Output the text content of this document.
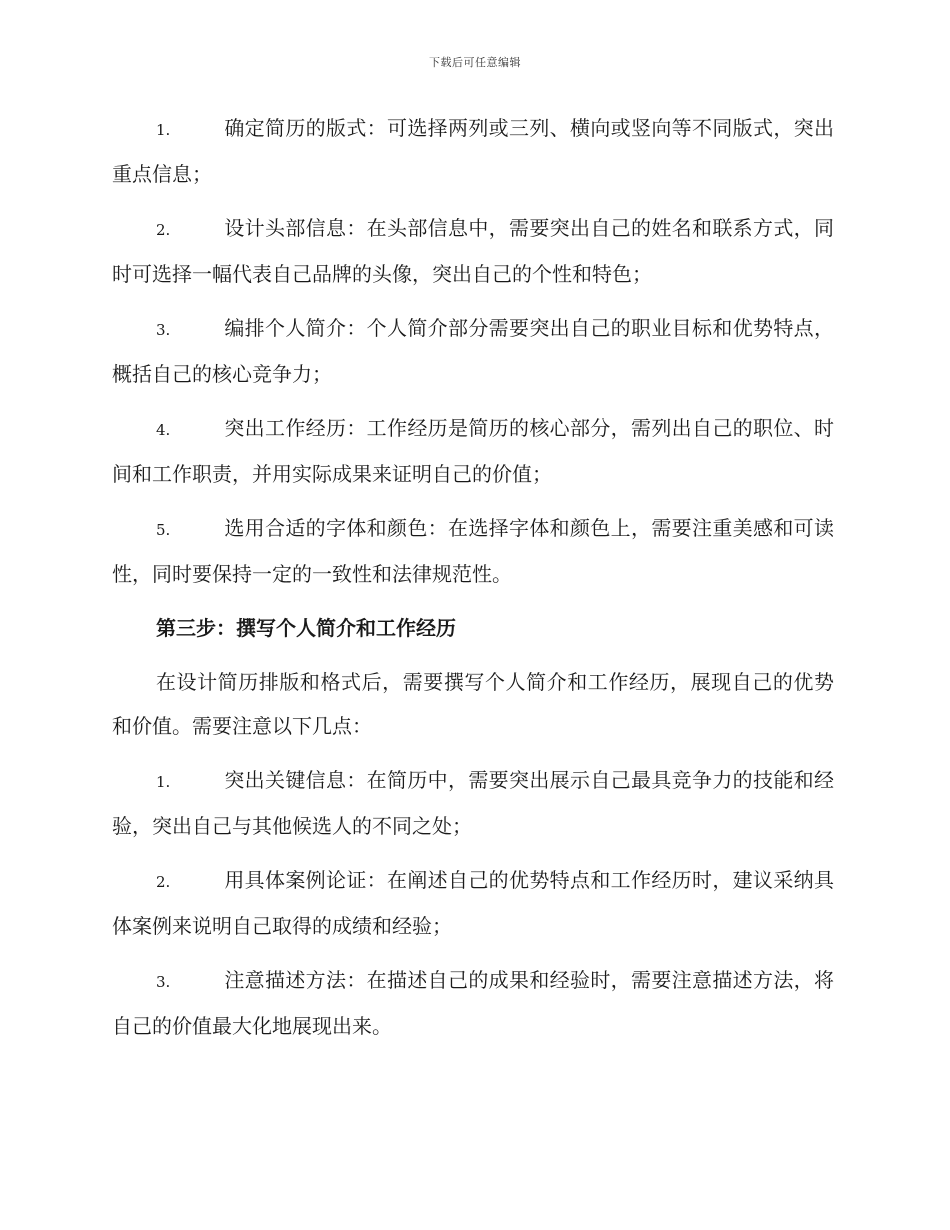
下载后可任意编辑

1.	确定简历的版式：可选择两列或三列、横向或竖向等不同版式，突出重点信息；

2.	设计头部信息：在头部信息中，需要突出自己的姓名和联系方式，同时可选择一幅代表自己品牌的头像，突出自己的个性和特色；

3.	编排个人简介：个人简介部分需要突出自己的职业目标和优势特点，概括自己的核心竞争力；

4.	突出工作经历：工作经历是简历的核心部分，需列出自己的职位、时间和工作职责，并用实际成果来证明自己的价值；

5.	选用合适的字体和颜色：在选择字体和颜色上，需要注重美感和可读性，同时要保持一定的一致性和法律规范性。

第三步：撰写个人简介和工作经历

在设计简历排版和格式后，需要撰写个人简介和工作经历，展现自己的优势和价值。需要注意以下几点：

1.	突出关键信息：在简历中，需要突出展示自己最具竞争力的技能和经验，突出自己与其他候选人的不同之处；

2.	用具体案例论证：在阐述自己的优势特点和工作经历时，建议采纳具体案例来说明自己取得的成绩和经验；

3.	注意描述方法：在描述自己的成果和经验时，需要注意描述方法，将自己的价值最大化地展现出来。
